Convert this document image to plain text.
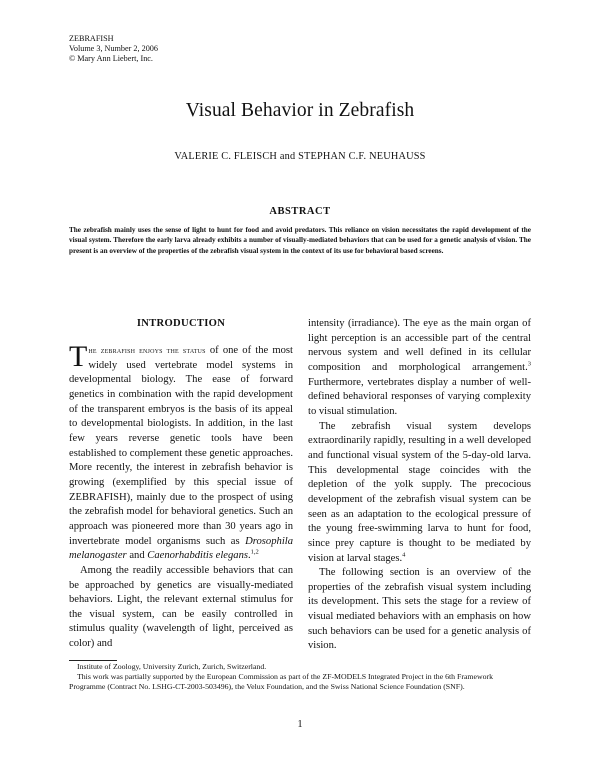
ZEBRAFISH
Volume 3, Number 2, 2006
© Mary Ann Liebert, Inc.
Visual Behavior in Zebrafish
VALERIE C. FLEISCH and STEPHAN C.F. NEUHAUSS
ABSTRACT
The zebrafish mainly uses the sense of light to hunt for food and avoid predators. This reliance on vision necessitates the rapid development of the visual system. Therefore the early larva already exhibits a number of visually-mediated behaviors that can be used for a genetic analysis of vision. The present is an overview of the properties of the zebrafish visual system in the context of its use for behavioral based screens.
INTRODUCTION

The zebrafish enjoys the status of one of the most widely used vertebrate model systems in developmental biology. The ease of forward genetics in combination with the rapid development of the transparent embryos is the basis of its appeal to developmental biologists. In addition, in the last few years reverse genetic tools have been established to complement these genetic approaches. More recently, the interest in zebrafish behavior is growing (exemplified by this special issue of ZEBRAFISH), mainly due to the prospect of using the zebrafish model for behavioral genetics. Such an approach was pioneered more than 30 years ago in invertebrate model organisms such as Drosophila melanogaster and Caenorhabditis elegans.$^{1,2}$

Among the readily accessible behaviors that can be approached by genetics are visually-mediated behaviors. Light, the relevant external stimulus for the visual system, can be easily controlled in stimulus quality (wavelength of light, perceived as color) and

intensity (irradiance). The eye as the main organ of light perception is an accessible part of the central nervous system and well defined in its cellular composition and morphological arrangement.$^3$ Furthermore, vertebrates display a number of well-defined behavioral responses of varying complexity to visual stimulation.

The zebrafish visual system develops extraordinarily rapidly, resulting in a well developed and functional visual system of the 5-day-old larva. This developmental stage coincides with the depletion of the yolk supply. The precocious development of the zebrafish visual system can be seen as an adaptation to the ecological pressure of the young free-swimming larva to hunt for food, since prey capture is thought to be mediated by vision at larval stages.$^4$

The following section is an overview of the properties of the zebrafish visual system including its development. This sets the stage for a review of visual mediated behaviors with an emphasis on how such behaviors can be used for a genetic analysis of vision.

Institute of Zoology, University Zurich, Zurich, Switzerland.

This work was partially supported by the European Commission as part of the ZF-MODELS Integrated Project in the 6th Framework Programme (Contract No. LSHG-CT-2003-503496), the Velux Foundation, and the Swiss National Science Foundation (SNF).

1
